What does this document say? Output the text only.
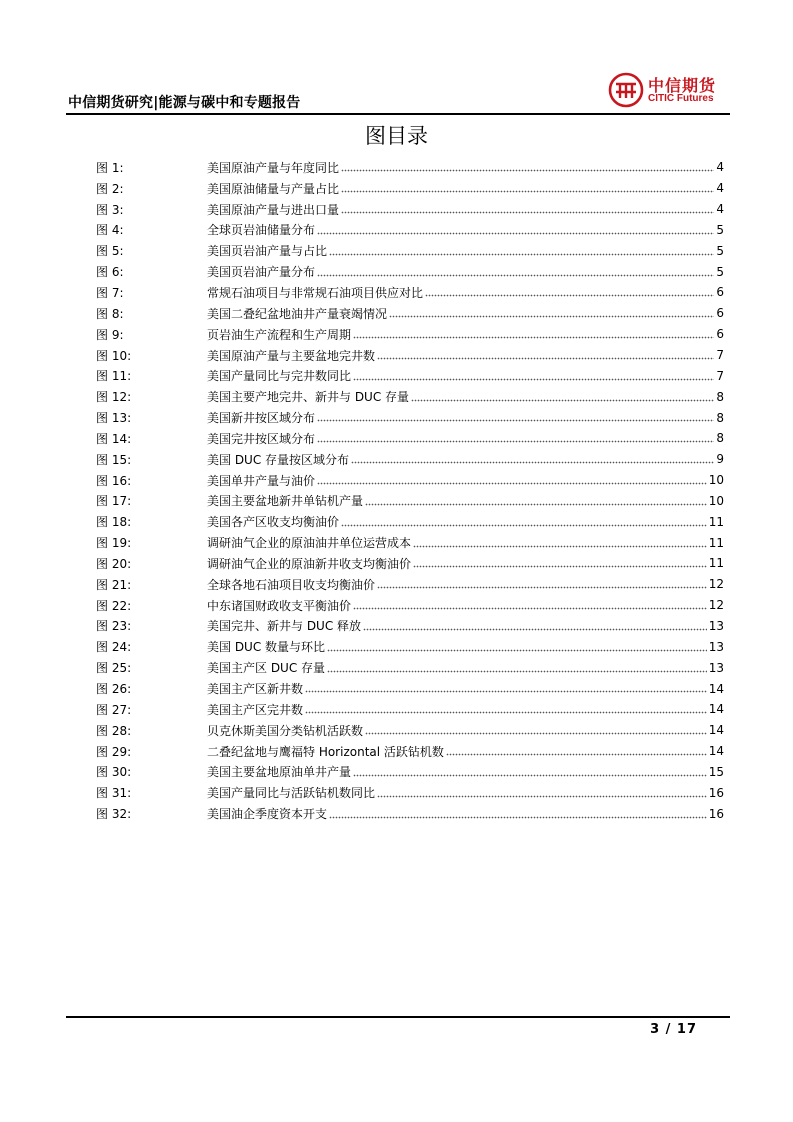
中信期货研究|能源与碳中和专题报告
中信期货
CITIC Futures
图目录
图 1:	美国原油产量与年度同比	4
图 2:	美国原油储量与产量占比	4
图 3:	美国原油产量与进出口量	4
图 4:	全球页岩油储量分布	5
图 5:	美国页岩油产量与占比	5
图 6:	美国页岩油产量分布	5
图 7:	常规石油项目与非常规石油项目供应对比	6
图 8:	美国二叠纪盆地油井产量衰竭情况	6
图 9:	页岩油生产流程和生产周期	6
图 10:	美国原油产量与主要盆地完井数	7
图 11:	美国产量同比与完井数同比	7
图 12:	美国主要产地完井、新井与 DUC 存量	8
图 13:	美国新井按区域分布	8
图 14:	美国完井按区域分布	8
图 15:	美国 DUC 存量按区域分布	9
图 16:	美国单井产量与油价	10
图 17:	美国主要盆地新井单钻机产量	10
图 18:	美国各产区收支均衡油价	11
图 19:	调研油气企业的原油油井单位运营成本	11
图 20:	调研油气企业的原油新井收支均衡油价	11
图 21:	全球各地石油项目收支均衡油价	12
图 22:	中东诸国财政收支平衡油价	12
图 23:	美国完井、新井与 DUC 释放	13
图 24:	美国 DUC 数量与环比	13
图 25:	美国主产区 DUC 存量	13
图 26:	美国主产区新井数	14
图 27:	美国主产区完井数	14
图 28:	贝克休斯美国分类钻机活跃数	14
图 29:	二叠纪盆地与鹰福特 Horizontal 活跃钻机数	14
图 30:	美国主要盆地原油单井产量	15
图 31:	美国产量同比与活跃钻机数同比	16
图 32:	美国油企季度资本开支	16
3 / 17
